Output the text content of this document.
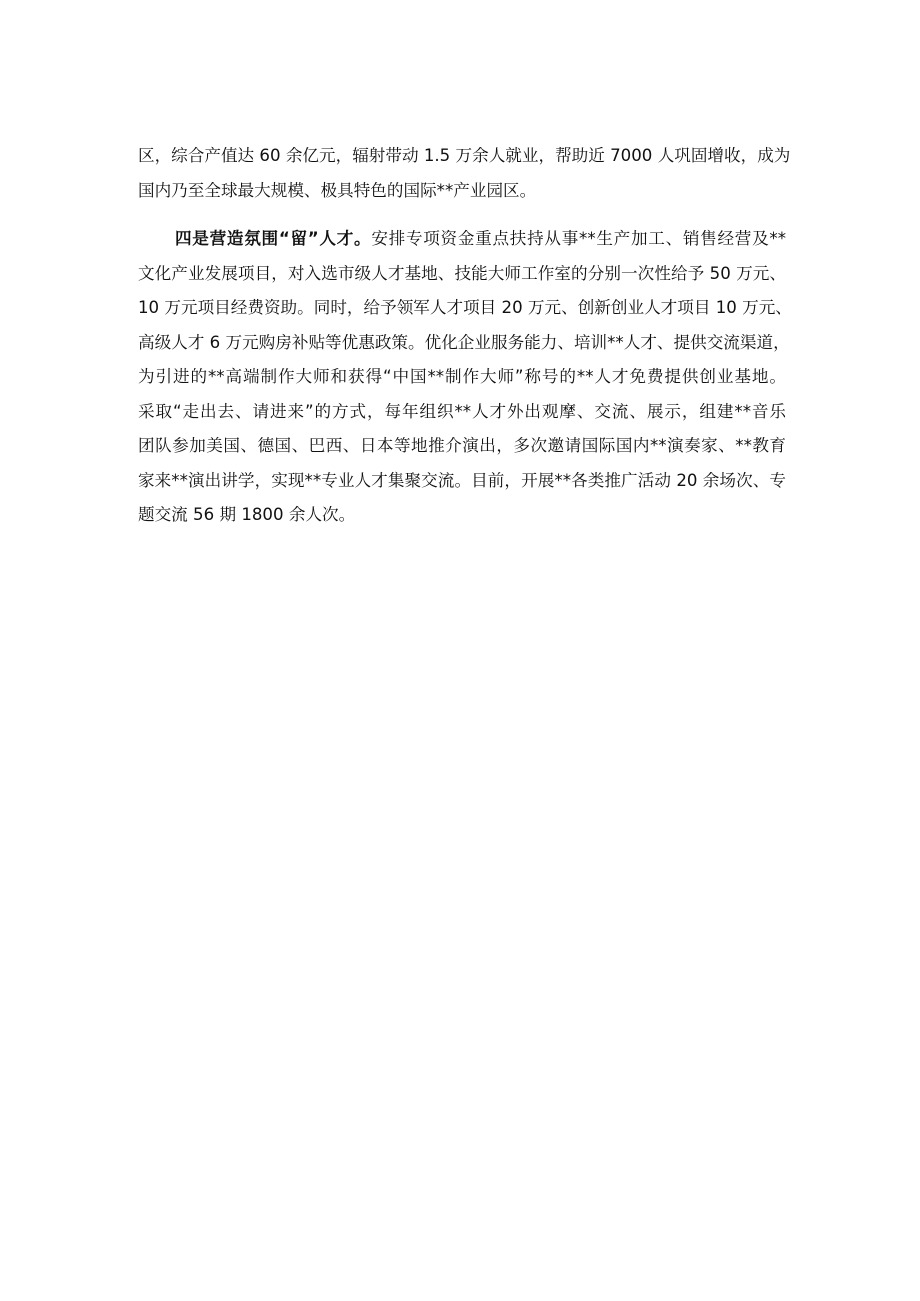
区，综合产值达 60 余亿元，辐射带动 1.5 万余人就业，帮助近 7000 人巩固增收，成为
国内乃至全球最大规模、极具特色的国际**产业园区。
四是营造氛围“留”人才。安排专项资金重点扶持从事**生产加工、销售经营及**
文化产业发展项目，对入选市级人才基地、技能大师工作室的分别一次性给予 50 万元、
10 万元项目经费资助。同时，给予领军人才项目 20 万元、创新创业人才项目 10 万元、
高级人才 6 万元购房补贴等优惠政策。优化企业服务能力、培训**人才、提供交流渠道，
为引进的**高端制作大师和获得“中国**制作大师”称号的**人才免费提供创业基地。
采取“走出去、请进来”的方式，每年组织**人才外出观摩、交流、展示，组建**音乐
团队参加美国、德国、巴西、日本等地推介演出，多次邀请国际国内**演奏家、**教育
家来**演出讲学，实现**专业人才集聚交流。目前，开展**各类推广活动 20 余场次、专
题交流 56 期 1800 余人次。
